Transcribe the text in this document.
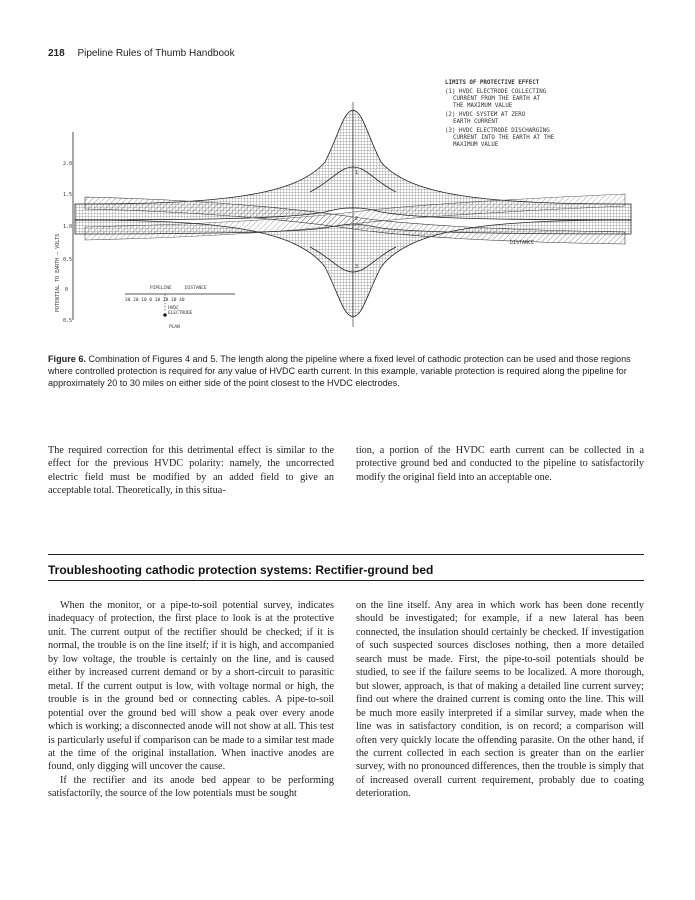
218 Pipeline Rules of Thumb Handbook
2.0
1.5
1.0
0.5
0
0.5
POTENTIAL TO EARTH – VOLTS
1
2
3
DISTANCE
LIMITS OF PROTECTIVE EFFECT
(1) HVDC ELECTRODE COLLECTING
CURRENT FROM THE EARTH AT
THE MAXIMUM VALUE
(2) HVDC SYSTEM AT ZERO
EARTH CURRENT
(3) HVDC ELECTRODE DISCHARGING
CURRENT INTO THE EARTH AT THE
MAXIMUM VALUE
PIPELINE	DISTANCE
30 20 10 0 10 20 30 40
HVDC
ELECTRODE
PLAN
Figure 6. Combination of Figures 4 and 5. The length along the pipeline where a fixed level of cathodic protection can be used and those regions where controlled protection is required for any value of HVDC earth current. In this example, variable protection is required along the pipeline for approximately 20 to 30 miles on either side of the point closest to the HVDC electrodes.

The required correction for this detrimental effect is similar to the effect for the previous HVDC polarity: namely, the uncorrected electric field must be modified by an added field to give an acceptable total. Theoretically, in this situa-

tion, a portion of the HVDC earth current can be collected in a protective ground bed and conducted to the pipeline to satisfactorily modify the original field into an acceptable one.

Troubleshooting cathodic protection systems: Rectifier-ground bed

When the monitor, or a pipe-to-soil potential survey, indicates inadequacy of protection, the first place to look is at the protective unit. The current output of the rectifier should be checked; if it is normal, the trouble is on the line itself; if it is high, and accompanied by low voltage, the trouble is certainly on the line, and is caused either by increased current demand or by a short-circuit to parasitic metal. If the current output is low, with voltage normal or high, the trouble is in the ground bed or connecting cables. A pipe-to-soil potential over the ground bed will show a peak over every anode which is working; a disconnected anode will not show at all. This test is particularly useful if comparison can be made to a similar test made at the time of the original installation. When inactive anodes are found, only digging will uncover the cause.

If the rectifier and its anode bed appear to be performing satisfactorily, the source of the low potentials must be sought

on the line itself. Any area in which work has been done recently should be investigated; for example, if a new lateral has been connected, the insulation should certainly be checked. If investigation of such suspected sources discloses nothing, then a more detailed search must be made. First, the pipe-to-soil potentials should be studied, to see if the failure seems to be localized. A more thorough, but slower, approach, is that of making a detailed line current survey; find out where the drained current is coming onto the line. This will be much more easily interpreted if a similar survey, made when the line was in satisfactory condition, is on record; a comparison will often very quickly locate the offending parasite. On the other hand, if the current collected in each section is greater than on the earlier survey, with no pronounced differences, then the trouble is simply that of increased overall current requirement, probably due to coating deterioration.
